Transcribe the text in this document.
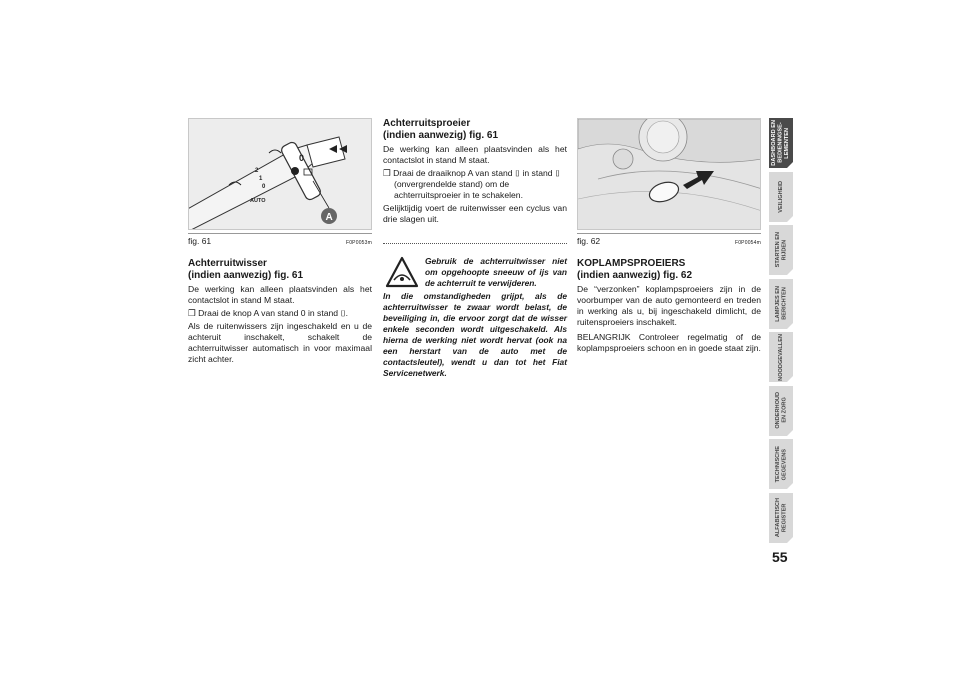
0
2
1
0
AUTO
A
fig. 61	F0P0053m
Achterruitwisser
(indien aanwezig) fig. 61

De werking kan alleen plaatsvinden als het contactslot in stand M staat.

❒ Draai de knop A van stand 0 in stand ⌷.

Als de ruitenwissers zijn ingeschakeld en u de achteruit inschakelt, schakelt de achterruitwisser automatisch in voor maximaal zicht achter.

Achterruitsproeier
(indien aanwezig) fig. 61

De werking kan alleen plaatsvinden als het contactslot in stand M staat.

❒ Draai de draaiknop A van stand ⌷ in stand ⌷ (onvergrendelde stand) om de achterruitsproeier in te schakelen.

Gelijktijdig voert de ruitenwisser een cyclus van drie slagen uit.

Gebruik de achterruitwisser niet om opgehoopte sneeuw of ijs van de achterruit te verwijderen.

In die omstandigheden grijpt, als de achterruitwisser te zwaar wordt belast, de beveiliging in, die ervoor zorgt dat de wisser enkele seconden wordt uitgeschakeld. Als hierna de werking niet wordt hervat (ook na een herstart van de auto met de contactsleutel), wendt u dan tot het Fiat Servicenetwerk.

fig. 62	F0P0054m
KOPLAMPSPROEIERS
(indien aanwezig) fig. 62

De “verzonken” koplampsproeiers zijn in de voorbumper van de auto gemonteerd en treden in werking als u, bij ingeschakeld dimlicht, de ruitensproeiers inschakelt.

BELANGRIJK Controleer regelmatig of de koplampsproeiers schoon en in goede staat zijn.

DASHBOARD EN
BEDIENINGSE-
LEMENTEN
VEILIGHEID
STARTEN EN
RIJDEN
LAMPJES EN
BERICHTEN
NOODGEVALLEN
ONDERHOUD
EN ZORG
TECHNISCHE
GEGEVENS
ALFABETISCH
REGISTER
55
